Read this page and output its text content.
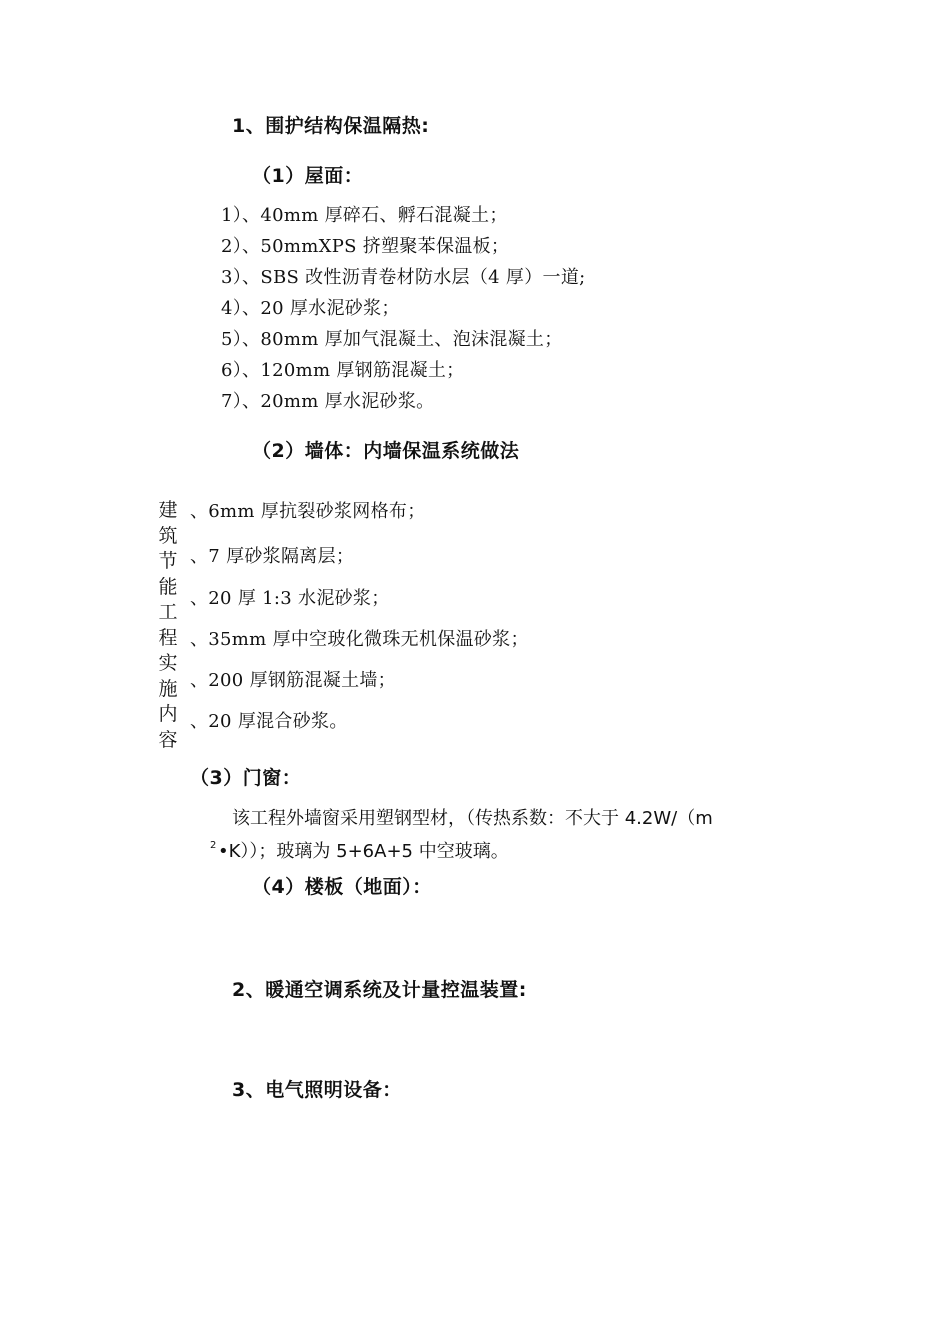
1、围护结构保温隔热:
（1）屋面：
1）、40mm 厚碎石、孵石混凝土；
2）、50mmXPS 挤塑聚苯保温板；
3）、SBS 改性沥青卷材防水层（4 厚）一道;
4）、20 厚水泥砂浆；
5）、80mm 厚加气混凝土、泡沫混凝土；
6）、120mm 厚钢筋混凝土；
7）、20mm 厚水泥砂浆。
（2）墙体：内墙保温系统做法
建
筑
节
能
工
程
实
施
内
容
、6mm 厚抗裂砂浆网格布；
、7 厚砂浆隔离层；
、20 厚 1:3 水泥砂浆；
、35mm 厚中空玻化微珠无机保温砂浆；
、200 厚钢筋混凝土墙；
、20 厚混合砂浆。
（3）门窗：
该工程外墙窗采用塑钢型材，（传热系数：不大于 4.2W/（m
2 •K））；玻璃为 5+6A+5 中空玻璃。
（4）楼板（地面）：
2、暖通空调系统及计量控温装置:
3、电气照明设备：
